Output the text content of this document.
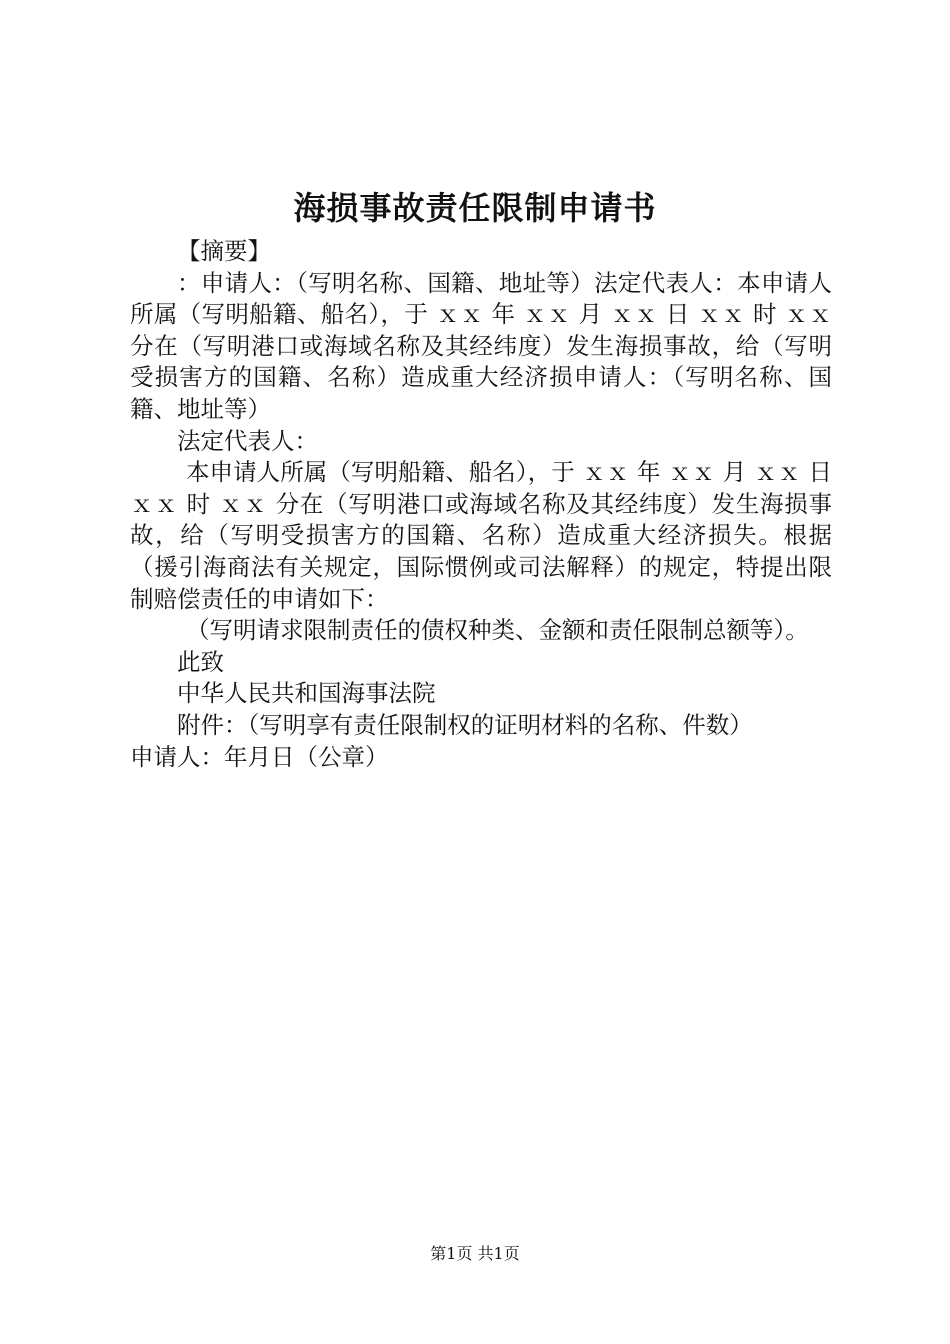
海损事故责任限制申请书

【摘要】

：申请人：（写明名称、国籍、地址等）法定代表人：本申请人所属（写明船籍、船名），于 ｘｘ 年 ｘｘ 月 ｘｘ 日 ｘｘ 时 ｘｘ 分在（写明港口或海域名称及其经纬度）发生海损事故，给（写明受损害方的国籍、名称）造成重大经济损申请人：（写明名称、国籍、地址等）

法定代表人：

本申请人所属（写明船籍、船名），于 ｘｘ 年 ｘｘ 月 ｘｘ 日 ｘｘ 时 ｘｘ 分在（写明港口或海域名称及其经纬度）发生海损事故，给（写明受损害方的国籍、名称）造成重大经济损失。根据（援引海商法有关规定，国际惯例或司法解释）的规定，特提出限制赔偿责任的申请如下：

（写明请求限制责任的债权种类、金额和责任限制总额等）。

此致

中华人民共和国海事法院

附件：（写明享有责任限制权的证明材料的名称、件数）

申请人：年月日（公章）

第1页 共1页
